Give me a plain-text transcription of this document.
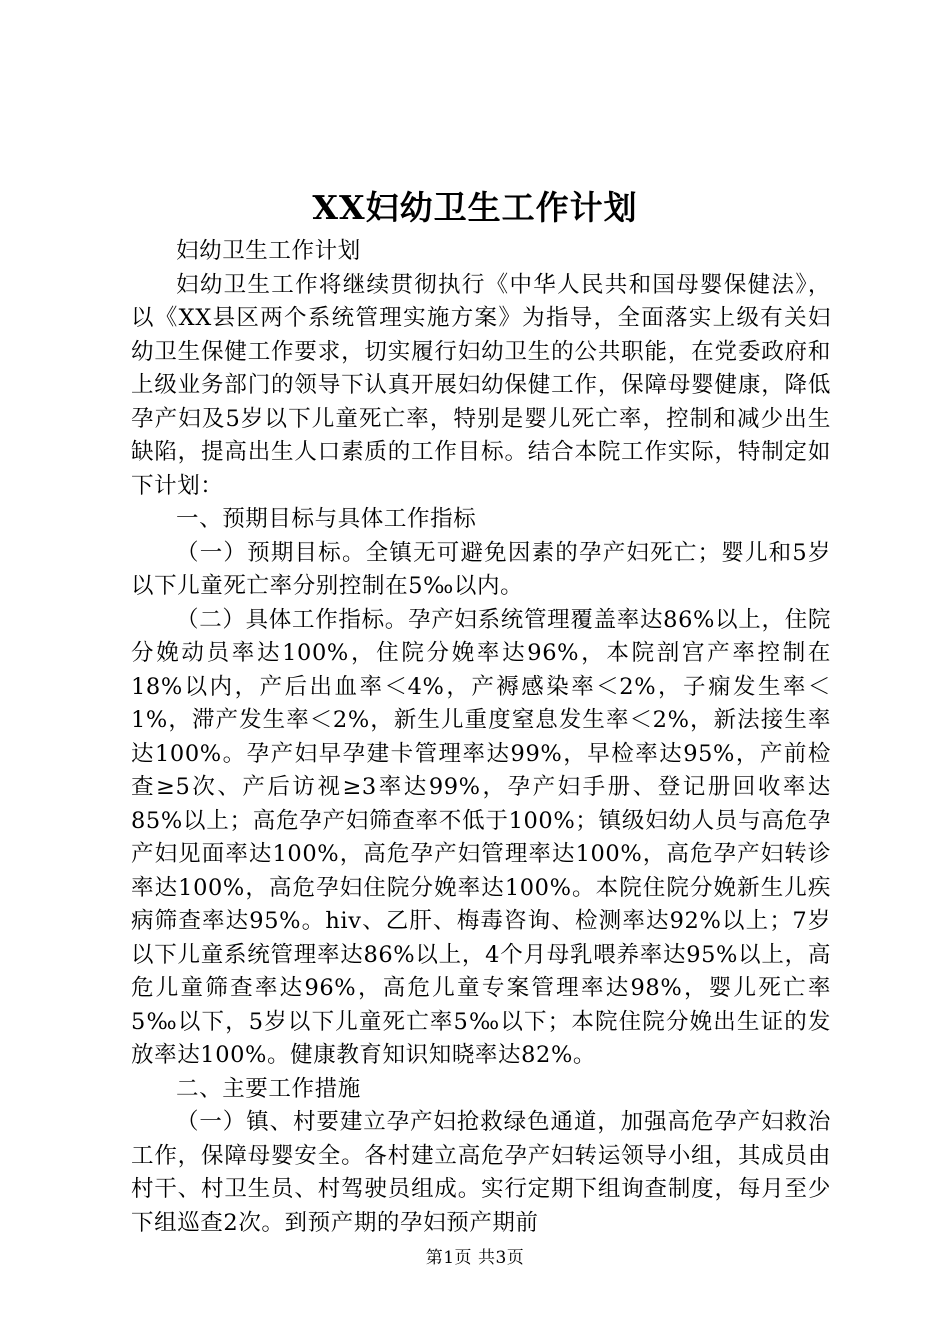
XX妇幼卫生工作计划

妇幼卫生工作计划

妇幼卫生工作将继续贯彻执行《中华人民共和国母婴保健法》，以《XX县区两个系统管理实施方案》为指导，全面落实上级有关妇幼卫生保健工作要求，切实履行妇幼卫生的公共职能，在党委政府和上级业务部门的领导下认真开展妇幼保健工作，保障母婴健康，降低孕产妇及5岁以下儿童死亡率，特别是婴儿死亡率，控制和减少出生缺陷，提高出生人口素质的工作目标。结合本院工作实际，特制定如下计划：

一、预期目标与具体工作指标

（一）预期目标。全镇无可避免因素的孕产妇死亡；婴儿和5岁以下儿童死亡率分别控制在5‰以内。

（二）具体工作指标。孕产妇系统管理覆盖率达86%以上，住院分娩动员率达100%，住院分娩率达96%，本院剖宫产率控制在18%以内，产后出血率＜4%，产褥感染率＜2%，子痫发生率＜1%，滞产发生率＜2%，新生儿重度窒息发生率＜2%，新法接生率达100%。孕产妇早孕建卡管理率达99%，早检率达95%，产前检查≥5次、产后访视≥3率达99%，孕产妇手册、登记册回收率达85%以上；高危孕产妇筛查率不低于100%；镇级妇幼人员与高危孕产妇见面率达100%，高危孕产妇管理率达100%，高危孕产妇转诊率达100%，高危孕妇住院分娩率达100%。本院住院分娩新生儿疾病筛查率达95%。hiv、乙肝、梅毒咨询、检测率达92%以上；7岁以下儿童系统管理率达86%以上，4个月母乳喂养率达95%以上，高危儿童筛查率达96%，高危儿童专案管理率达98%，婴儿死亡率5‰以下，5岁以下儿童死亡率5‰以下；本院住院分娩出生证的发放率达100%。健康教育知识知晓率达82%。

二、主要工作措施

（一）镇、村要建立孕产妇抢救绿色通道，加强高危孕产妇救治工作，保障母婴安全。各村建立高危孕产妇转运领导小组，其成员由村干、村卫生员、村驾驶员组成。实行定期下组询查制度，每月至少下组巡查2次。到预产期的孕妇预产期前

第1页 共3页
